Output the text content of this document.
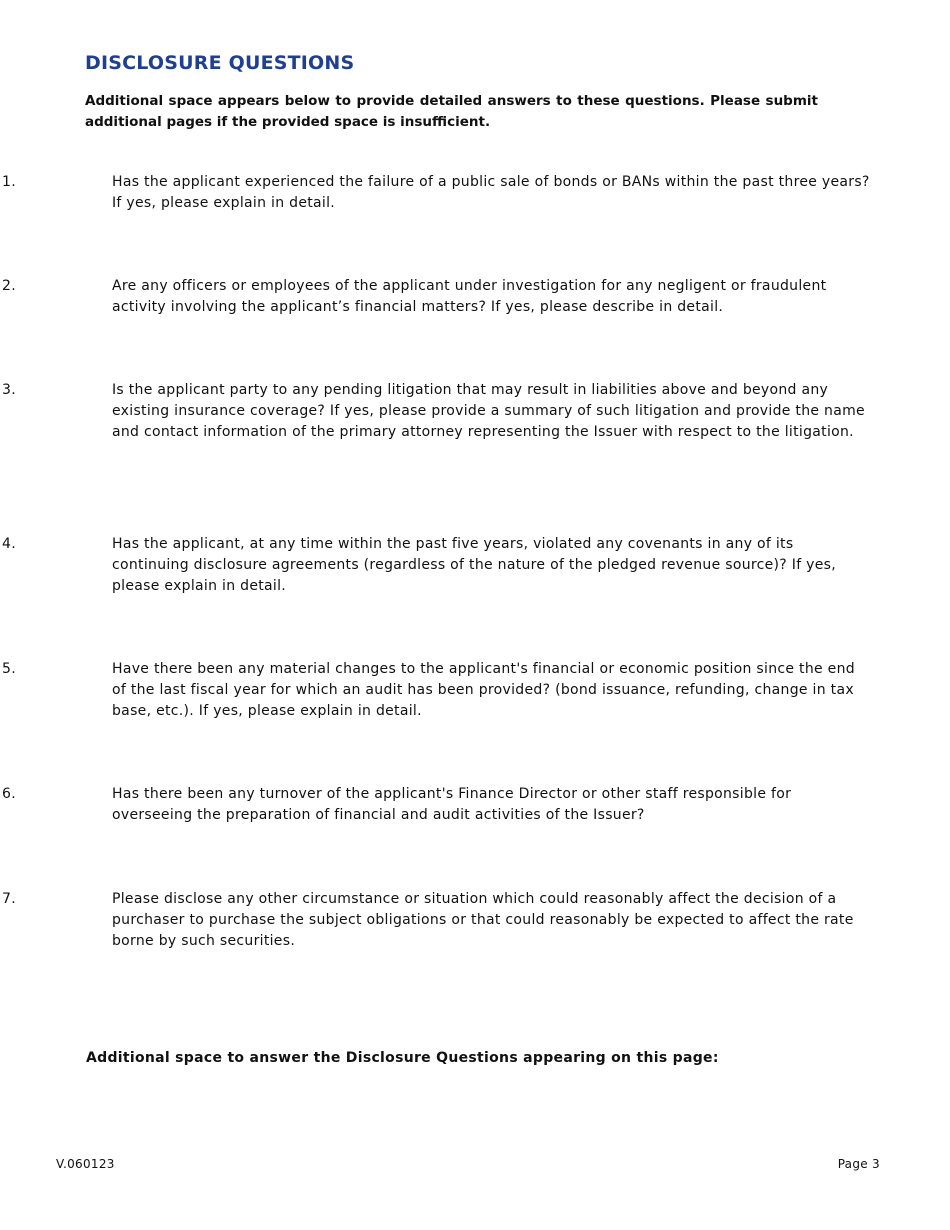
DISCLOSURE QUESTIONS

Additional space appears below to provide detailed answers to these questions. Please submit additional pages if the provided space is insufficient.

1.	Has the applicant experienced the failure of a public sale of bonds or BANs within the past three years? If yes, please explain in detail.
2.	Are any officers or employees of the applicant under investigation for any negligent or fraudulent activity involving the applicant’s financial matters? If yes, please describe in detail.
3.	Is the applicant party to any pending litigation that may result in liabilities above and beyond any existing insurance coverage? If yes, please provide a summary of such litigation and provide the name and contact information of the primary attorney representing the Issuer with respect to the litigation.
4.	Has the applicant, at any time within the past five years, violated any covenants in any of its continuing disclosure agreements (regardless of the nature of the pledged revenue source)? If yes, please explain in detail.
5.	Have there been any material changes to the applicant's financial or economic position since the end of the last fiscal year for which an audit has been provided? (bond issuance, refunding, change in tax base, etc.). If yes, please explain in detail.
6.	Has there been any turnover of the applicant's Finance Director or other staff responsible for overseeing the preparation of financial and audit activities of the Issuer?
7.	Please disclose any other circumstance or situation which could reasonably affect the decision of a purchaser to purchase the subject obligations or that could reasonably be expected to affect the rate borne by such securities.

Additional space to answer the Disclosure Questions appearing on this page:

V.060123	Page 3
